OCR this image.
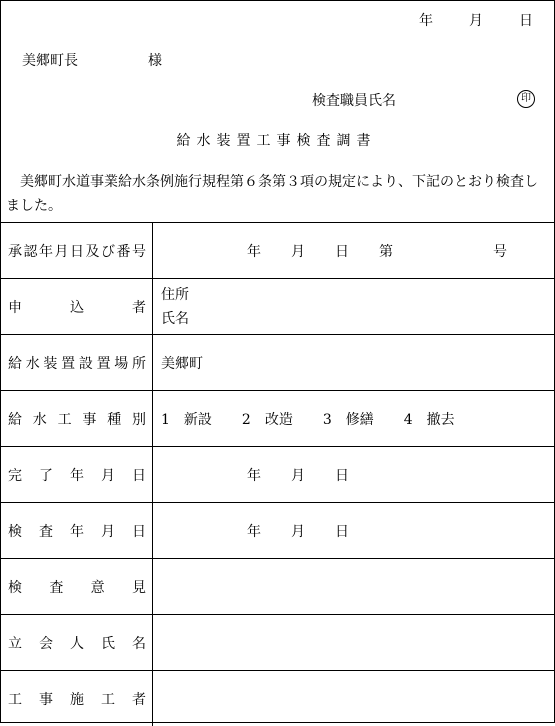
年	月	日
美郷町長	様
検査職員氏名	印
給水装置工事検査調書
美郷町水道事業給水条例施行規程第６条第３項の規定により、下記のとおり検査しました。
承認年月日及び番号	年 月 日 第 号
申込者	住所
氏名

給水装置設置場所	美郷町
給水工事種別	1　新設 2　改造 3　修繕 4　撤去
完了年月日	年 月 日
検査年月日	年 月 日
検査意見	
立会人氏名	
工事施工者	
